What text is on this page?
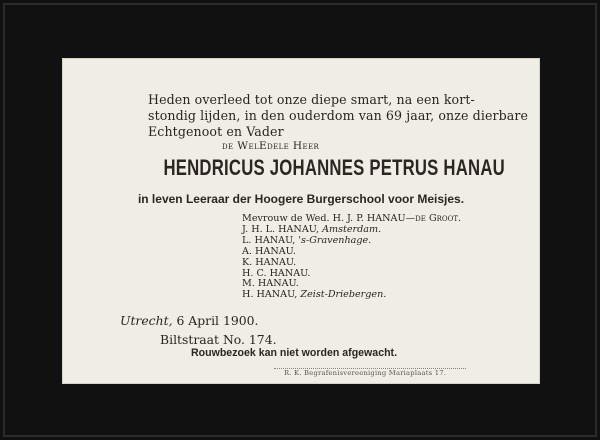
Heden overleed tot onze diepe smart, na een kort-
stondig lijden, in den ouderdom van 69 jaar, onze dierbare
Echtgenoot en Vader
de WelEdele Heer
HENDRICUS JOHANNES PETRUS HANAU
in leven Leeraar der Hoogere Burgerschool voor Meisjes.
Mevrouw de Wed. H. J. P. HANAU—de Groot.
J. H. L. HANAU, Amsterdam.
L. HANAU, 's-Gravenhage.
A. HANAU.
K. HANAU.
H. C. HANAU.
M. HANAU.
H. HANAU, Zeist-Driebergen.
Utrecht, 6 April 1900.
Biltstraat No. 174.
Rouwbezoek kan niet worden afgewacht.
R. K. Begrafenisvereeniging Mariaplaats 17.
